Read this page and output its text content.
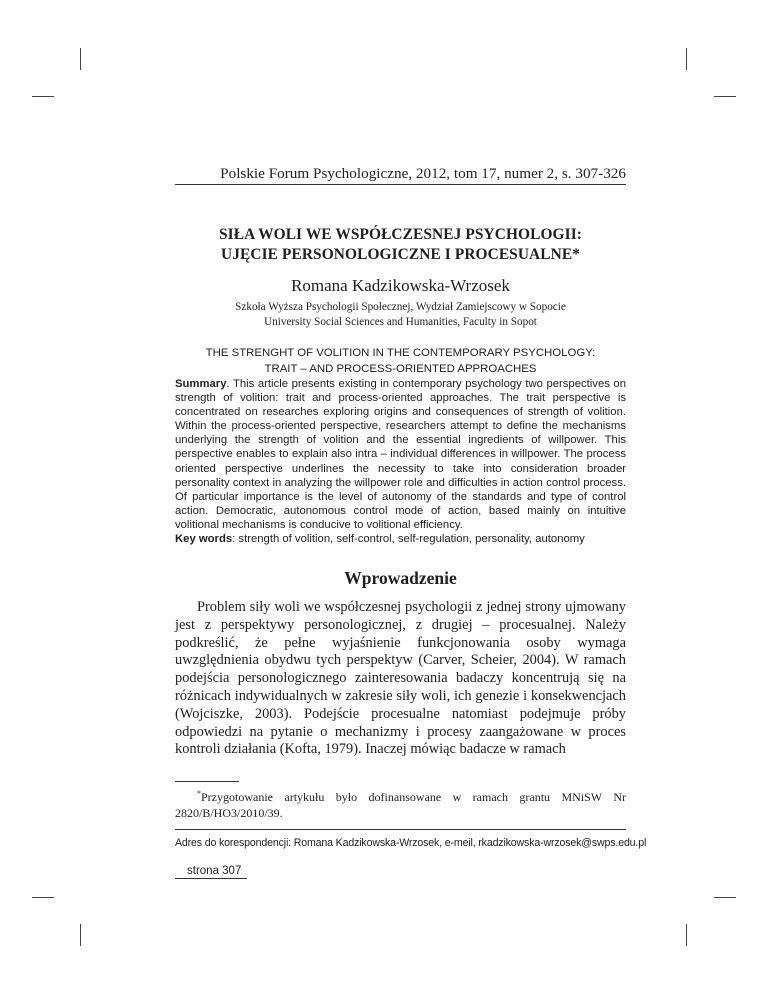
Polskie Forum Psychologiczne, 2012, tom 17, numer 2, s. 307-326
SIŁA WOLI WE WSPÓŁCZESNEJ PSYCHOLOGII:
UJĘCIE PERSONOLOGICZNE I PROCESUALNE*
Romana Kadzikowska-Wrzosek
Szkoła Wyższa Psychologii Społecznej, Wydział Zamiejscowy w Sopocie
University Social Sciences and Humanities, Faculty in Sopot
THE STRENGHT OF VOLITION IN THE CONTEMPORARY PSYCHOLOGY:
TRAIT – AND PROCESS-ORIENTED APPROACHES

Summary. This article presents existing in contemporary psychology two perspectives on strength of volition: trait and process-oriented approaches. The trait perspective is concentrated on researches exploring origins and consequences of strength of volition. Within the process-oriented perspective, researchers attempt to define the mechanisms underlying the strength of volition and the essential ingredients of willpower. This perspective enables to explain also intra – individual differences in willpower. The process oriented perspective underlines the necessity to take into consideration broader personality context in analyzing the willpower role and difficulties in action control process. Of particular importance is the level of autonomy of the standards and type of control action. Democratic, autonomous control mode of action, based mainly on intuitive volitional mechanisms is conducive to volitional efficiency.

Key words: strength of volition, self-control, self-regulation, personality, autonomy

Wprowadzenie

Problem siły woli we współczesnej psychologii z jednej strony ujmowany jest z perspektywy personologicznej, z drugiej – procesualnej. Należy podkreślić, że pełne wyjaśnienie funkcjonowania osoby wymaga uwzględnienia obydwu tych perspektyw (Carver, Scheier, 2004). W ramach podejścia personologicznego zainteresowania badaczy koncentrują się na różnicach indywidualnych w zakresie siły woli, ich genezie i konsekwencjach (Wojciszke, 2003). Podejście procesualne natomiast podejmuje próby odpowiedzi na pytanie o mechanizmy i procesy zaangażowane w proces kontroli działania (Kofta, 1979). Inaczej mówiąc badacze w ramach

*Przygotowanie artykułu było dofinansowane w ramach grantu MNiSW Nr 2820/B/HO3/2010/39.

Adres do korespondencji: Romana Kadzikowska-Wrzosek, e-meil, rkadzikowska-wrzosek@swps.edu.pl
strona 307
